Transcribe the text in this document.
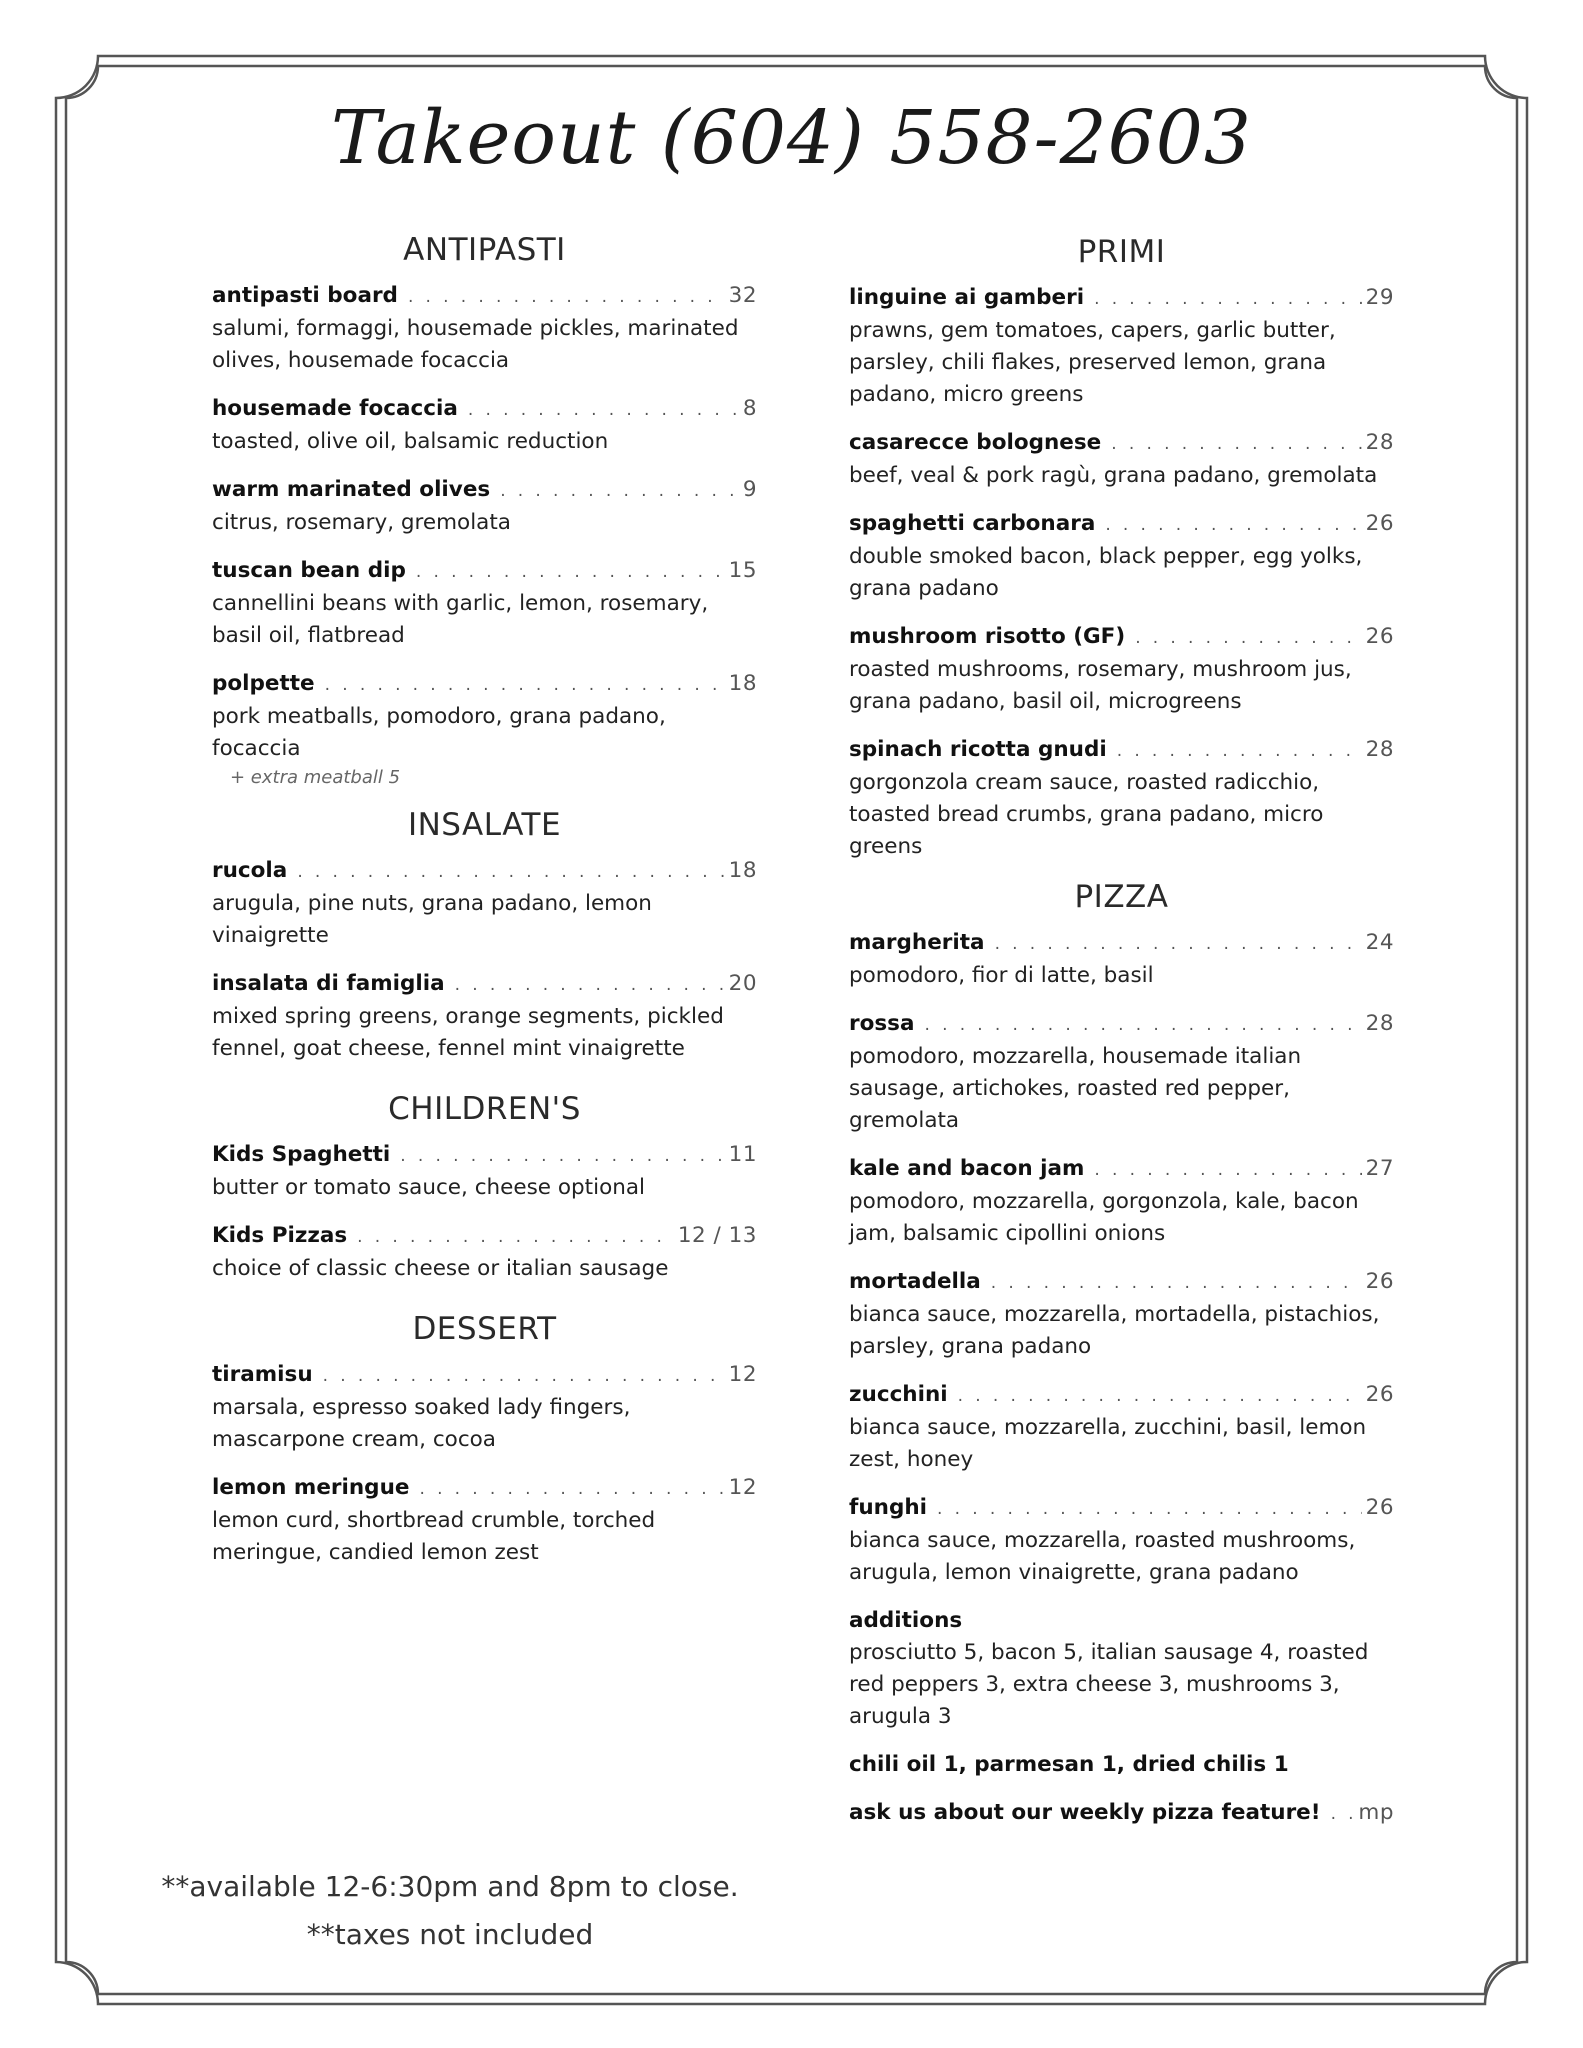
Takeout (604) 558-2603
ANTIPASTI
antipasti board . . .	32
salumi, formaggi, housemade pickles, marinated olives, housemade focaccia
housemade focaccia . . .	8
toasted, olive oil, balsamic reduction
warm marinated olives . . .	9
citrus, rosemary, gremolata
tuscan bean dip . . .	15
cannellini beans with garlic, lemon, rosemary, basil oil, flatbread
polpette . . .	18
pork meatballs, pomodoro, grana padano, focaccia
+ extra meatball 5
INSALATE
rucola . . .	18
arugula, pine nuts, grana padano, lemon vinaigrette
insalata di famiglia . . .	20
mixed spring greens, orange segments, pickled fennel, goat cheese, fennel mint vinaigrette
CHILDREN'S
Kids Spaghetti . . .	11
butter or tomato sauce, cheese optional
Kids Pizzas . . .	12 / 13
choice of classic cheese or italian sausage
DESSERT
tiramisu . . .	12
marsala, espresso soaked lady fingers, mascarpone cream, cocoa
lemon meringue . . .	12
lemon curd, shortbread crumble, torched meringue, candied lemon zest
PRIMI
linguine ai gamberi . . .	29
prawns, gem tomatoes, capers, garlic butter, parsley, chili flakes, preserved lemon, grana padano, micro greens
casarecce bolognese . . .	28
beef, veal & pork ragù, grana padano, gremolata
spaghetti carbonara . . .	26
double smoked bacon, black pepper, egg yolks, grana padano
mushroom risotto (GF) . . .	26
roasted mushrooms, rosemary, mushroom jus, grana padano, basil oil, microgreens
spinach ricotta gnudi . . .	28
gorgonzola cream sauce, roasted radicchio, toasted bread crumbs, grana padano, micro greens
PIZZA
margherita . . .	24
pomodoro, fior di latte, basil
rossa . . .	28
pomodoro, mozzarella, housemade italian sausage, artichokes, roasted red pepper, gremolata
kale and bacon jam . . .	27
pomodoro, mozzarella, gorgonzola, kale, bacon jam, balsamic cipollini onions
mortadella . . .	26
bianca sauce, mozzarella, mortadella, pistachios, parsley, grana padano
zucchini . . .	26
bianca sauce, mozzarella, zucchini, basil, lemon zest, honey
funghi . . .	26
bianca sauce, mozzarella, roasted mushrooms, arugula, lemon vinaigrette, grana padano
additions
prosciutto 5, bacon 5, italian sausage 4, roasted red peppers 3, extra cheese 3, mushrooms 3, arugula 3
chili oil 1, parmesan 1, dried chilis 1
ask us about our weekly pizza feature! . . . mp
**available 12-6:30pm and 8pm to close.
**taxes not included
